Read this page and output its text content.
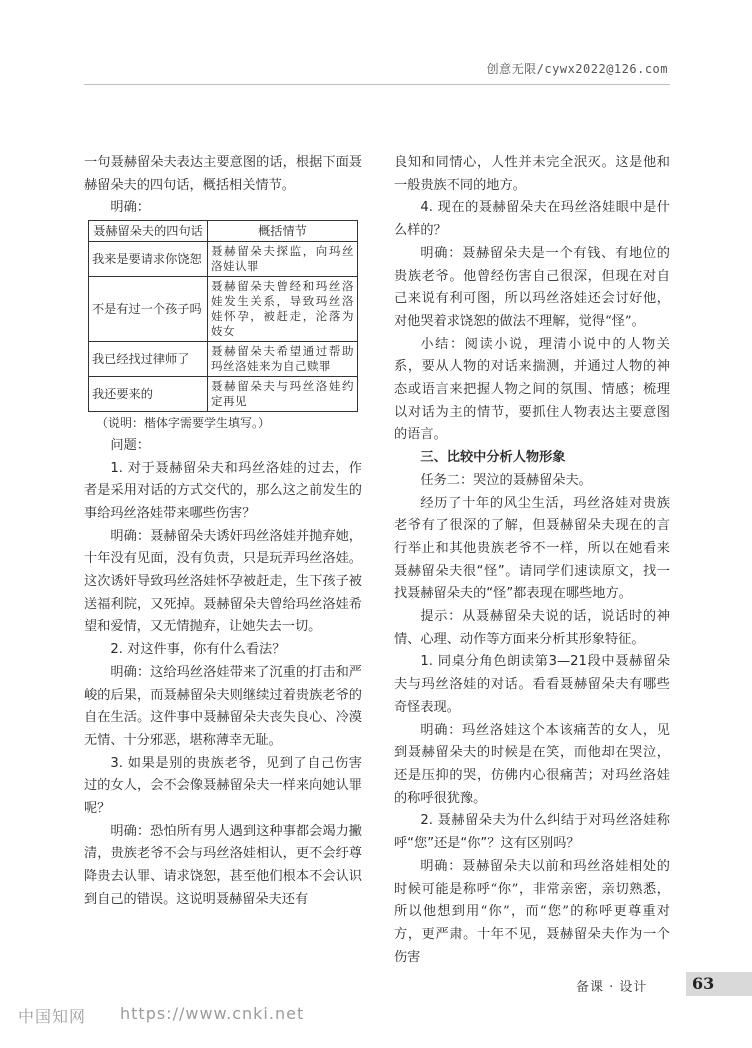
创意无限/cywx2022@126.com

一句聂赫留朵夫表达主要意图的话，根据下面聂赫留朵夫的四句话，概括相关情节。

明确：

聂赫留朵夫的四句话	概括情节
我来是要请求你饶恕	聂赫留朵夫探监，向玛丝洛娃认罪
不是有过一个孩子吗	聂赫留朵夫曾经和玛丝洛娃发生关系，导致玛丝洛娃怀孕，被赶走，沦落为妓女
我已经找过律师了	聂赫留朵夫希望通过帮助玛丝洛娃来为自己赎罪
我还要来的	聂赫留朵夫与玛丝洛娃约定再见

（说明：楷体字需要学生填写。）

问题：

1. 对于聂赫留朵夫和玛丝洛娃的过去，作者是采用对话的方式交代的，那么这之前发生的事给玛丝洛娃带来哪些伤害？

明确：聂赫留朵夫诱奸玛丝洛娃并抛弃她，十年没有见面，没有负责，只是玩弄玛丝洛娃。这次诱奸导致玛丝洛娃怀孕被赶走，生下孩子被送福利院，又死掉。聂赫留朵夫曾给玛丝洛娃希望和爱情，又无情抛弃，让她失去一切。

2. 对这件事，你有什么看法？

明确：这给玛丝洛娃带来了沉重的打击和严峻的后果，而聂赫留朵夫则继续过着贵族老爷的自在生活。这件事中聂赫留朵夫丧失良心、冷漠无情、十分邪恶，堪称薄幸无耻。

3. 如果是别的贵族老爷，见到了自己伤害过的女人，会不会像聂赫留朵夫一样来向她认罪呢？

明确：恐怕所有男人遇到这种事都会竭力撇清，贵族老爷不会与玛丝洛娃相认，更不会纡尊降贵去认罪、请求饶恕，甚至他们根本不会认识到自己的错误。这说明聂赫留朵夫还有

良知和同情心，人性并未完全泯灭。这是他和一般贵族不同的地方。

4. 现在的聂赫留朵夫在玛丝洛娃眼中是什么样的？

明确：聂赫留朵夫是一个有钱、有地位的贵族老爷。他曾经伤害自己很深，但现在对自己来说有利可图，所以玛丝洛娃还会讨好他，对他哭着求饶恕的做法不理解，觉得“怪”。

小结：阅读小说，理清小说中的人物关系，要从人物的对话来揣测，并通过人物的神态或语言来把握人物之间的氛围、情感；梳理以对话为主的情节，要抓住人物表达主要意图的语言。

三、比较中分析人物形象

任务二：哭泣的聂赫留朵夫。

经历了十年的风尘生活，玛丝洛娃对贵族老爷有了很深的了解，但聂赫留朵夫现在的言行举止和其他贵族老爷不一样，所以在她看来聂赫留朵夫很“怪”。请同学们速读原文，找一找聂赫留朵夫的“怪”都表现在哪些地方。

提示：从聂赫留朵夫说的话，说话时的神情、心理、动作等方面来分析其形象特征。

1. 同桌分角色朗读第3—21段中聂赫留朵夫与玛丝洛娃的对话。看看聂赫留朵夫有哪些奇怪表现。

明确：玛丝洛娃这个本该痛苦的女人，见到聂赫留朵夫的时候是在笑，而他却在哭泣，还是压抑的哭，仿佛内心很痛苦；对玛丝洛娃的称呼很犹豫。

2. 聂赫留朵夫为什么纠结于对玛丝洛娃称呼“您”还是“你”？这有区别吗？

明确：聂赫留朵夫以前和玛丝洛娃相处的时候可能是称呼“你”，非常亲密，亲切熟悉，所以他想到用“你”，而“您”的称呼更尊重对方，更严肃。十年不见，聂赫留朵夫作为一个伤害

备课 · 设计	63
中国知网 https://www.cnki.net
